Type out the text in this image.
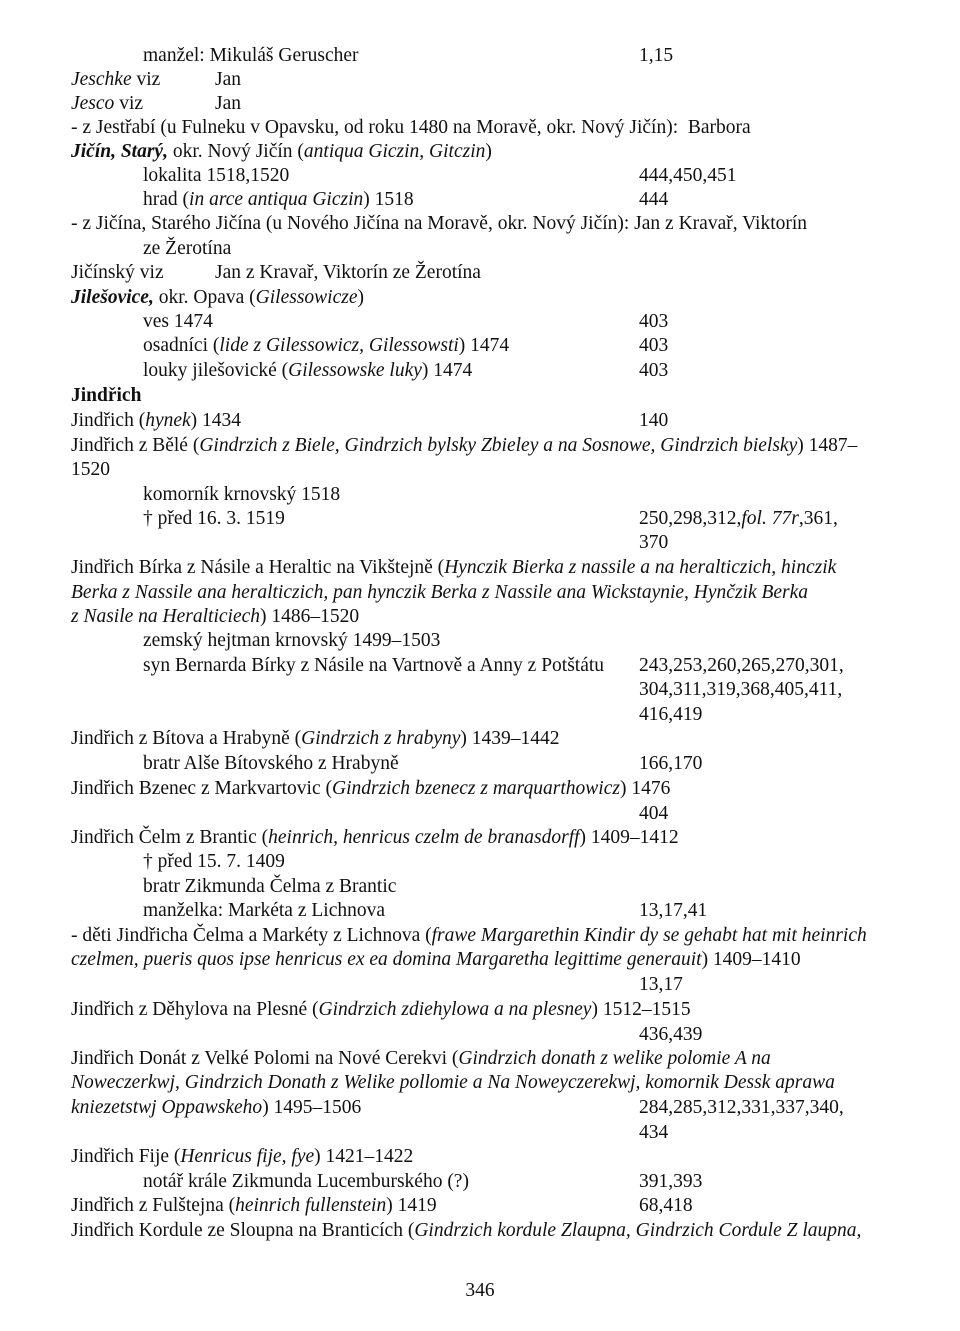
manžel: Mikuláš Geruscher	1,15
Jeschke viz	Jan
Jesco viz	Jan
- z Jestřabí (u Fulneku v Opavsku, od roku 1480 na Moravě, okr. Nový Jičín):  Barbora
Jičín, Starý, okr. Nový Jičín (antiqua Giczin, Gitczin)
lokalita 1518,1520	444,450,451
hrad (in arce antiqua Giczin) 1518	444
- z Jičína, Starého Jičína (u Nového Jičína na Moravě, okr. Nový Jičín): Jan z Kravař, Viktorín
ze Žerotína
Jičínský viz	Jan z Kravař, Viktorín ze Žerotína
Jilešovice, okr. Opava (Gilessowicze)
ves 1474	403
osadníci (lide z Gilessowicz, Gilessowsti) 1474	403
louky jilešovické (Gilessowske luky) 1474	403
Jindřich
Jindřich (hynek) 1434	140
Jindřich z Bělé (Gindrzich z Biele, Gindrzich bylsky Zbieley a na Sosnowe, Gindrzich bielsky) 1487–
1520
komorník krnovský 1518
† před 16. 3. 1519	250,298,312,fol. 77r,361,
370
Jindřich Bírka z Násile a Heraltic na Vikštejně (Hynczik Bierka z nassile a na heralticzich, hinczik
Berka z Nassile ana heralticzich, pan hynczik Berka z Nassile ana Wickstaynie, Hynčzik Berka
z Nasile na Heralticiech) 1486–1520
zemský hejtman krnovský 1499–1503
syn Bernarda Bírky z Násile na Vartnově a Anny z Potštátu 243,253,260,265,270,301,
304,311,319,368,405,411,
416,419
Jindřich z Bítova a Hrabyně (Gindrzich z hrabyny) 1439–1442
bratr Alše Bítovského z Hrabyně	166,170
Jindřich Bzenec z Markvartovic (Gindrzich bzenecz z marquarthowicz) 1476
404
Jindřich Čelm z Brantic (heinrich, henricus czelm de branasdorff) 1409–1412
† před 15. 7. 1409
bratr Zikmunda Čelma z Brantic
manželka: Markéta z Lichnova	13,17,41
- děti Jindřicha Čelma a Markéty z Lichnova (frawe Margarethin Kindir dy se gehabt hat mit heinrich
czelmen, pueris quos ipse henricus ex ea domina Margaretha legittime generauit) 1409–1410
13,17
Jindřich z Děhylova na Plesné (Gindrzich zdiehylowa a na plesney) 1512–1515
436,439
Jindřich Donát z Velké Polomi na Nové Cerekvi (Gindrzich donath z welike polomie A na
Noweczerkwj, Gindrzich Donath z Welike pollomie a Na Noweyczerekwj, komornik Dessk aprawa
kniezetstwj Oppawskeho) 1495–1506	284,285,312,331,337,340,
434
Jindřich Fije (Henricus fije, fye) 1421–1422
notář krále Zikmunda Lucemburského (?)	391,393
Jindřich z Fulštejna (heinrich fullenstein) 1419	68,418
Jindřich Kordule ze Sloupna na Branticích (Gindrzich kordule Zlaupna, Gindrzich Cordule Z laupna,
346
